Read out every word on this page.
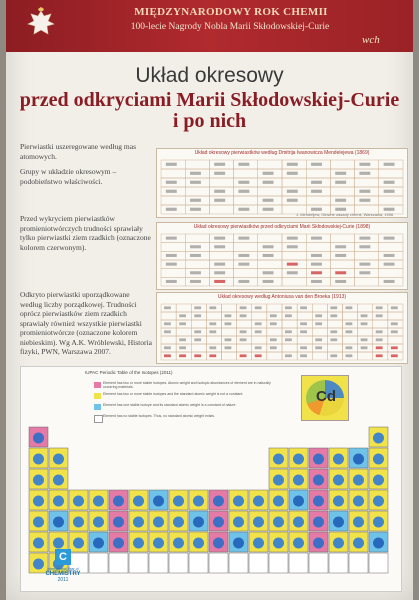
MIĘDZYNARODOWY ROK CHEMII
100-lecie Nagrody Nobla Marii Skłodowskiej-Curie
wch
Układ okresowy
przed odkryciami Marii Skłodowskiej-Curie
i po nich
Pierwiastki uszeregowane według mas atomowych.
Grupy w układzie okresowym – podobieństwo właściwości.
Przed wykryciem pierwiastków promieniotwórczych trudności sprawiały tylko pierwiastki ziem rzadkich (oznaczone kolorem czerwonym).
Odkryto pierwiastki uporządkowane według liczby porządkowej. Trudności oprócz pierwiastków ziem rzadkich sprawiały również wszystkie pierwiastki promieniotwórcze (oznaczone kolorem niebieskim). Wg A.K. Wróblewski, Historia fizyki, PWN, Warszawa 2007.
Układ okresowy pierwiastków według Dmitrija Iwanowicza Mendelejewa (1869)
J. Mendeljew, Główne zasady chemii, Warszawa, 1906
Układ okresowy pierwiastków przed odkryciami Marii Skłodowskiej-Curie (1898)
Układ okresowy według Antoniusa van den Broeka (1913)
IUPAC Periodic Table of the Isotopes (2011)
Element has two or more stable isotopes. Atomic weight and isotopic abundances of element are in naturally occurring materials.
Element has two or more stable isotopes and the standard atomic weight is not a constant.
Element has one stable isotope and its standard atomic weight is a constant of nature.
Element has no stable isotopes. Thus, no standard atomic weight exists.
Cd
C
International Year of
CHEMISTRY
2011
